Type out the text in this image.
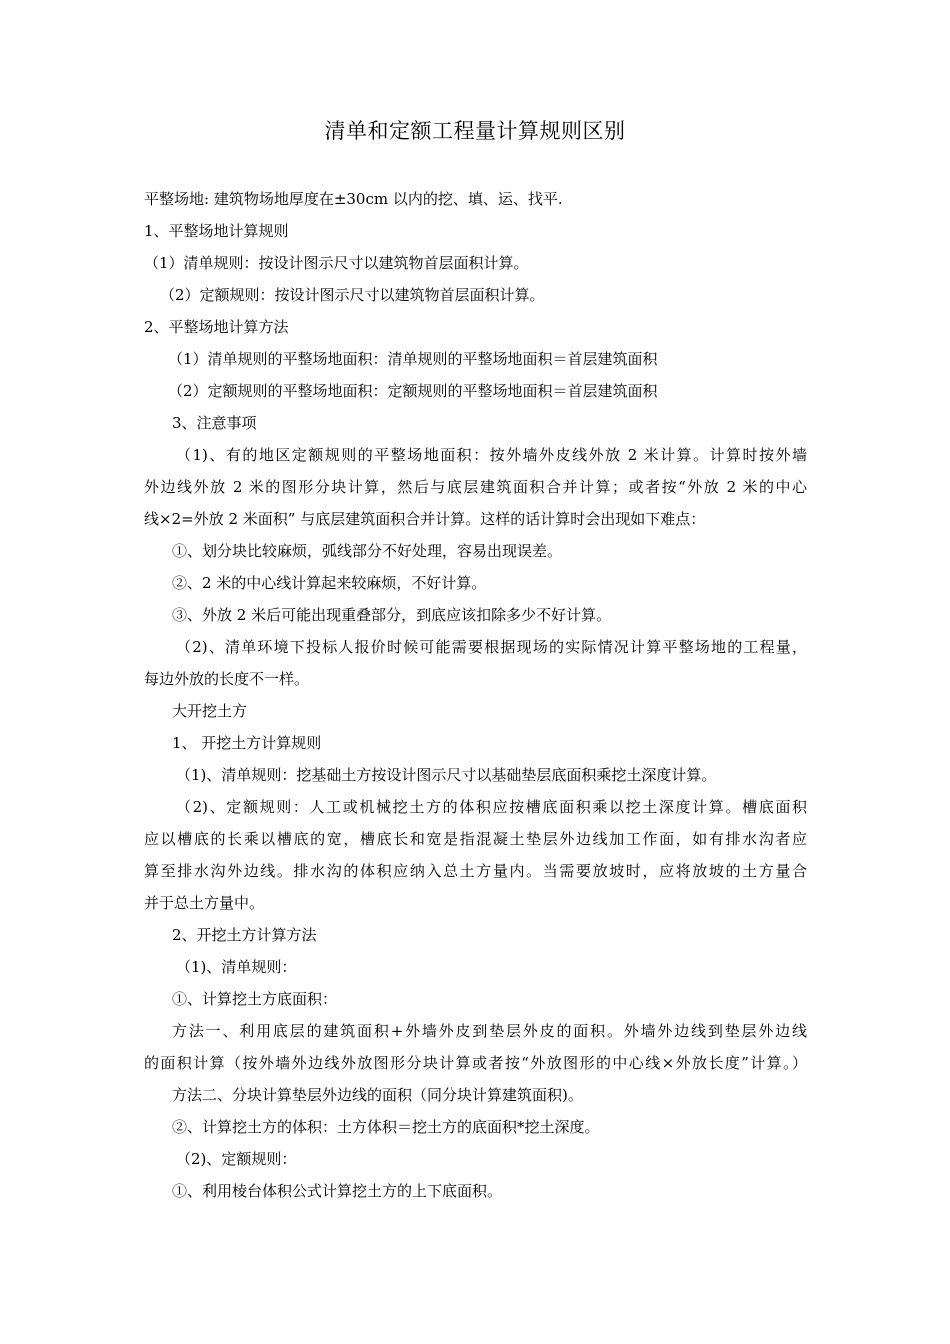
清单和定额工程量计算规则区别
平整场地: 建筑物场地厚度在±30cm 以内的挖、填、运、找平.
1、平整场地计算规则
（1）清单规则：按设计图示尺寸以建筑物首层面积计算。
（2）定额规则：按设计图示尺寸以建筑物首层面积计算。
2、平整场地计算方法
（1）清单规则的平整场地面积：清单规则的平整场地面积＝首层建筑面积
（2）定额规则的平整场地面积：定额规则的平整场地面积＝首层建筑面积
3、注意事项
（1)、有的地区定额规则的平整场地面积：按外墙外皮线外放 2 米计算。计算时按外墙
外边线外放 2 米的图形分块计算，然后与底层建筑面积合并计算；或者按“外放 2 米的中心
线×2=外放 2 米面积” 与底层建筑面积合并计算。这样的话计算时会出现如下难点：
①、划分块比较麻烦，弧线部分不好处理，容易出现误差。
②、2 米的中心线计算起来较麻烦，不好计算。
③、外放 2 米后可能出现重叠部分，到底应该扣除多少不好计算。
（2)、清单环境下投标人报价时候可能需要根据现场的实际情况计算平整场地的工程量，
每边外放的长度不一样。
大开挖土方
1、 开挖土方计算规则
（1)、清单规则：挖基础土方按设计图示尺寸以基础垫层底面积乘挖土深度计算。
（2)、定额规则：人工或机械挖土方的体积应按槽底面积乘以挖土深度计算。槽底面积
应以槽底的长乘以槽底的宽，槽底长和宽是指混凝土垫层外边线加工作面，如有排水沟者应
算至排水沟外边线。排水沟的体积应纳入总土方量内。当需要放坡时，应将放坡的土方量合
并于总土方量中。
2、开挖土方计算方法
（1)、清单规则：
①、计算挖土方底面积：
方法一、利用底层的建筑面积+外墙外皮到垫层外皮的面积。外墙外边线到垫层外边线
的面积计算（按外墙外边线外放图形分块计算或者按“外放图形的中心线×外放长度”计算。）
方法二、分块计算垫层外边线的面积（同分块计算建筑面积)。
②、计算挖土方的体积：土方体积＝挖土方的底面积*挖土深度。
（2)、定额规则：
①、利用棱台体积公式计算挖土方的上下底面积。
